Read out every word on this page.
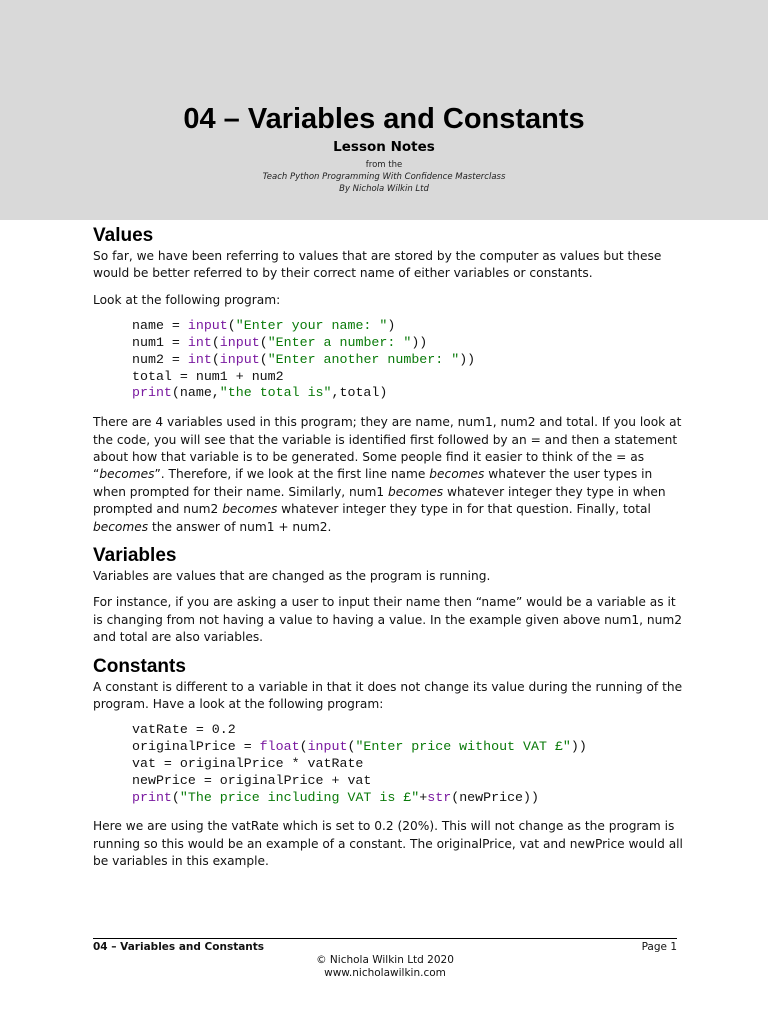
04 – Variables and Constants
Lesson Notes
from the
Teach Python Programming With Confidence Masterclass
By Nichola Wilkin Ltd
Values

So far, we have been referring to values that are stored by the computer as values but these would be better referred to by their correct name of either variables or constants.

Look at the following program:

name = input("Enter your name: ")
num1 = int(input("Enter a number: "))
num2 = int(input("Enter another number: "))
total = num1 + num2
print(name,"the total is",total)

There are 4 variables used in this program; they are name, num1, num2 and total. If you look at the code, you will see that the variable is identified first followed by an = and then a statement about how that variable is to be generated. Some people find it easier to think of the = as “becomes”. Therefore, if we look at the first line name becomes whatever the user types in when prompted for their name. Similarly, num1 becomes whatever integer they type in when prompted and num2 becomes whatever integer they type in for that question. Finally, total becomes the answer of num1 + num2.

Variables

Variables are values that are changed as the program is running.

For instance, if you are asking a user to input their name then “name” would be a variable as it is changing from not having a value to having a value. In the example given above num1, num2 and total are also variables.

Constants

A constant is different to a variable in that it does not change its value during the running of the program. Have a look at the following program:

vatRate = 0.2
originalPrice = float(input("Enter price without VAT £"))
vat = originalPrice * vatRate
newPrice = originalPrice + vat
print("The price including VAT is £"+str(newPrice))

Here we are using the vatRate which is set to 0.2 (20%). This will not change as the program is running so this would be an example of a constant. The originalPrice, vat and newPrice would all be variables in this example.

04 – Variables and Constants	Page 1
© Nichola Wilkin Ltd 2020
www.nicholawilkin.com
